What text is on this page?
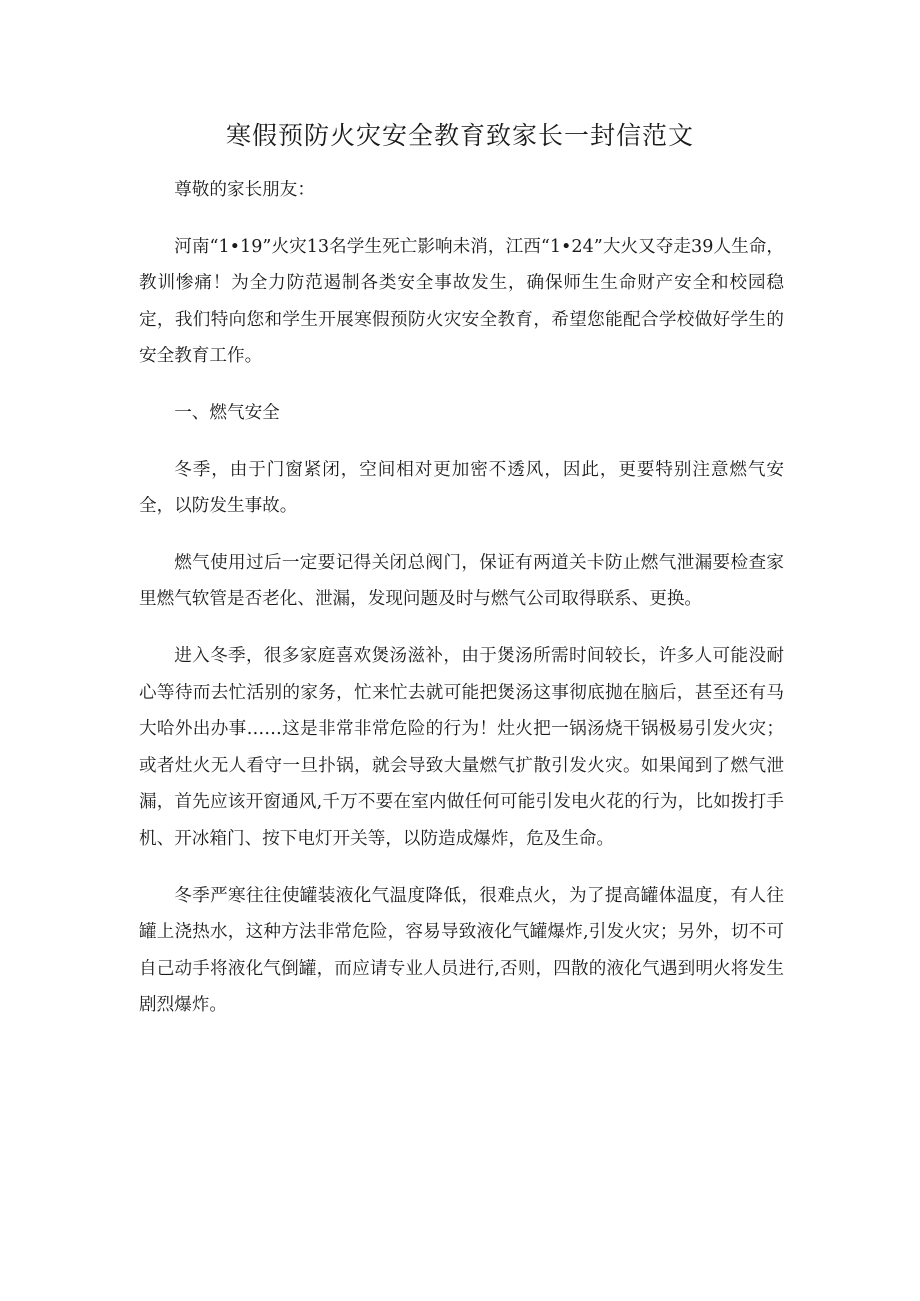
寒假预防火灾安全教育致家长一封信范文

尊敬的家长朋友：

河南“1•19”火灾13名学生死亡影响未消，江西“1•24”大火又夺走39人生命，教训惨痛！为全力防范遏制各类安全事故发生，确保师生生命财产安全和校园稳定，我们特向您和学生开展寒假预防火灾安全教育，希望您能配合学校做好学生的安全教育工作。

一、燃气安全

冬季，由于门窗紧闭，空间相对更加密不透风，因此，更要特别注意燃气安全，以防发生事故。

燃气使用过后一定要记得关闭总阀门，保证有两道关卡防止燃气泄漏要检查家里燃气软管是否老化、泄漏，发现问题及时与燃气公司取得联系、更换。

进入冬季，很多家庭喜欢煲汤滋补，由于煲汤所需时间较长，许多人可能没耐心等待而去忙活别的家务，忙来忙去就可能把煲汤这事彻底抛在脑后，甚至还有马大哈外出办事……这是非常非常危险的行为！灶火把一锅汤烧干锅极易引发火灾；或者灶火无人看守一旦扑锅，就会导致大量燃气扩散引发火灾。如果闻到了燃气泄漏，首先应该开窗通风,千万不要在室内做任何可能引发电火花的行为，比如拨打手机、开冰箱门、按下电灯开关等，以防造成爆炸，危及生命。

冬季严寒往往使罐装液化气温度降低，很难点火，为了提高罐体温度，有人往罐上浇热水，这种方法非常危险，容易导致液化气罐爆炸,引发火灾；另外，切不可自己动手将液化气倒罐，而应请专业人员进行,否则，四散的液化气遇到明火将发生剧烈爆炸。
